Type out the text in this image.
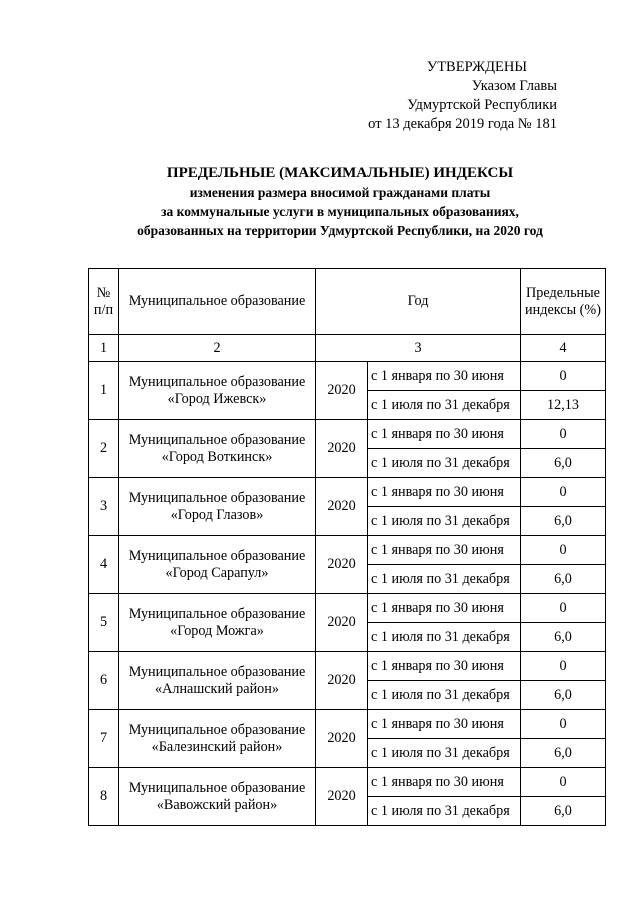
УТВЕРЖДЕНЫ
Указом Главы
Удмуртской Республики
от 13 декабря 2019 года № 181
ПРЕДЕЛЬНЫЕ (МАКСИМАЛЬНЫЕ) ИНДЕКСЫ
изменения размера вносимой гражданами платы
за коммунальные услуги в муниципальных образованиях,
образованных на территории Удмуртской Республики, на 2020 год
№ п/п	Муниципальное образование	Год		Предельные индексы (%)
1	2	3		4
1	Муниципальное образование
«Город Ижевск»	2020	с 1 января по 30 июня	0
			с 1 июля по 31 декабря	12,13
2	Муниципальное образование
«Город Воткинск»	2020	с 1 января по 30 июня	0
			с 1 июля по 31 декабря	6,0
3	Муниципальное образование
«Город Глазов»	2020	с 1 января по 30 июня	0
			с 1 июля по 31 декабря	6,0
4	Муниципальное образование
«Город Сарапул»	2020	с 1 января по 30 июня	0
			с 1 июля по 31 декабря	6,0
5	Муниципальное образование
«Город Можга»	2020	с 1 января по 30 июня	0
			с 1 июля по 31 декабря	6,0
6	Муниципальное образование
«Алнашский район»	2020	с 1 января по 30 июня	0
			с 1 июля по 31 декабря	6,0
7	Муниципальное образование
«Балезинский район»	2020	с 1 января по 30 июня	0
			с 1 июля по 31 декабря	6,0
8	Муниципальное образование
«Вавожский район»	2020	с 1 января по 30 июня	0
			с 1 июля по 31 декабря	6,0
